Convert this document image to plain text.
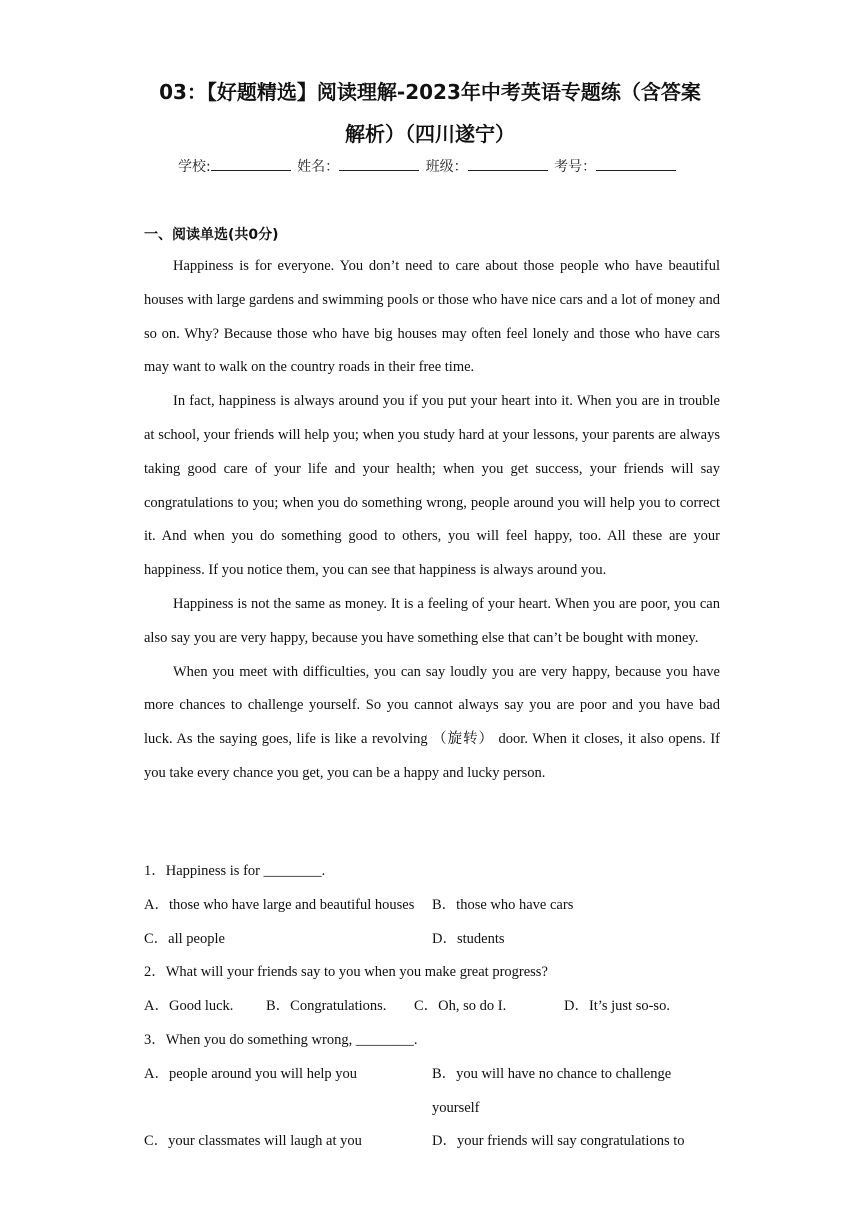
03：【好题精选】阅读理解-2023年中考英语专题练（含答案
解析）（四川遂宁）
学校:	姓名：	班级：	考号：
一、阅读单选(共0分)

Happiness is for everyone. You don’t need to care about those people who have beautiful houses with large gardens and swimming pools or those who have nice cars and a lot of money and so on. Why? Because those who have big houses may often feel lonely and those who have cars may want to walk on the country roads in their free time.

In fact, happiness is always around you if you put your heart into it. When you are in trouble at school, your friends will help you; when you study hard at your lessons, your parents are always taking good care of your life and your health; when you get success, your friends will say congratulations to you; when you do something wrong, people around you will help you to correct it. And when you do something good to others, you will feel happy, too. All these are your happiness. If you notice them, you can see that happiness is always around you.

Happiness is not the same as money. It is a feeling of your heart. When you are poor, you can also say you are very happy, because you have something else that can’t be bought with money.

When you meet with difficulties, you can say loudly you are very happy, because you have more chances to challenge yourself. So you cannot always say you are poor and you have bad luck. As the saying goes, life is like a revolving （旋转） door. When it closes, it also opens. If you take every chance you get, you can be a happy and lucky person.

1．Happiness is for ________.
A．those who have large and beautiful houses	B．those who have cars
C．all people	D．students
2．What will your friends say to you when you make great progress?
A．Good luck.	B．Congratulations.	C．Oh, so do I.	D．It’s just so-so.
3．When you do something wrong, ________.
A．people around you will help you	B．you will have no chance to challenge yourself
C．your classmates will laugh at you	D．your friends will say congratulations to
